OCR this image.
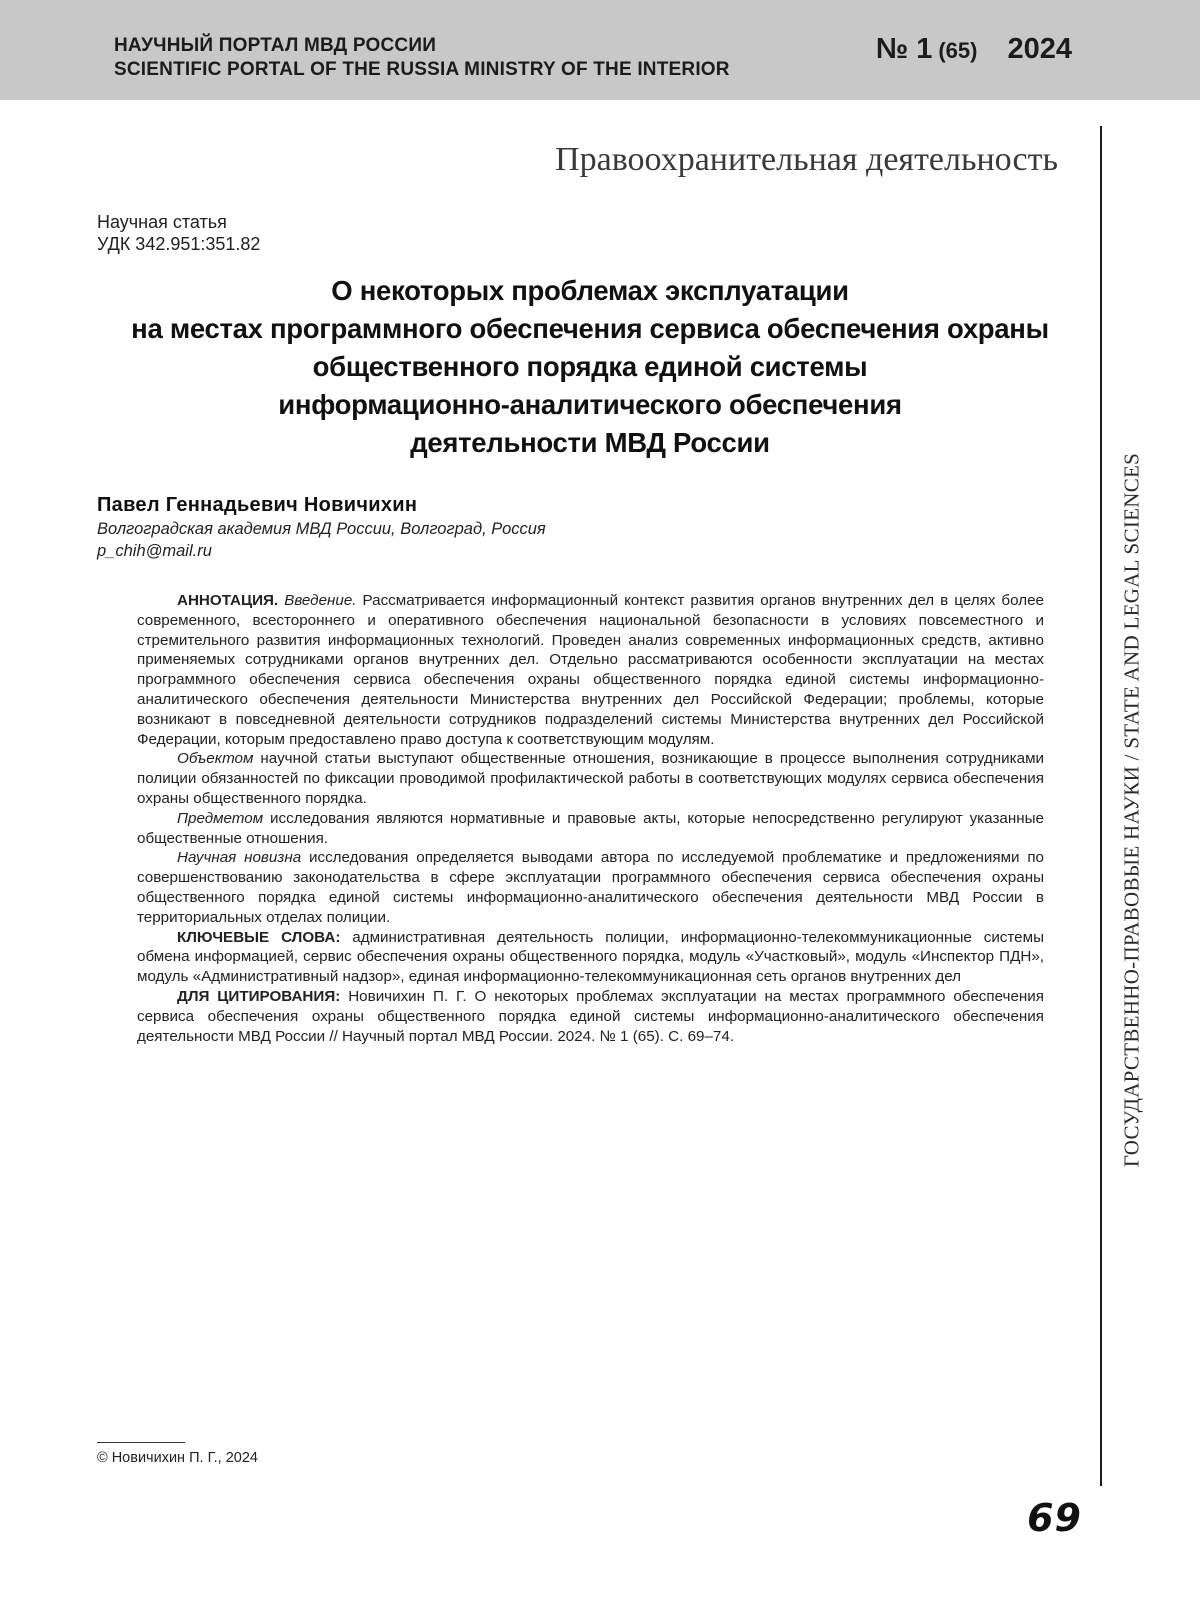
НАУЧНЫЙ ПОРТАЛ МВД РОССИИ
SCIENTIFIC PORTAL OF THE RUSSIA MINISTRY OF THE INTERIOR
№ 1 (65) 2024
Правоохранительная деятельность
ГОСУДАРСТВЕННО-ПРАВОВЫЕ НАУКИ / STATE AND LEGAL SCIENCES
Научная статья
УДК 342.951:351.82
О некоторых проблемах эксплуатации
на местах программного обеспечения сервиса обеспечения охраны
общественного порядка единой системы
информационно-аналитического обеспечения
деятельности МВД России
Павел Геннадьевич Новичихин
Волгоградская академия МВД России, Волгоград, Россия
p_chih@mail.ru

АННОТАЦИЯ. Введение. Рассматривается информационный контекст развития органов внутренних дел в целях более современного, всестороннего и оперативного обеспечения национальной безопасности в условиях повсеместного и стремительного развития информационных технологий. Проведен анализ современных информационных средств, активно применяемых сотрудниками органов внутренних дел. Отдельно рассматриваются особенности эксплуатации на местах программного обеспечения сервиса обеспечения охраны общественного порядка единой системы информационно-аналитического обеспечения деятельности Министерства внутренних дел Российской Федерации; проблемы, которые возникают в повседневной деятельности сотрудников подразделений системы Министерства внутренних дел Российской Федерации, которым предоставлено право доступа к соответствующим модулям.

Объектом научной статьи выступают общественные отношения, возникающие в процессе выполнения сотрудниками полиции обязанностей по фиксации проводимой профилактической работы в соответствующих модулях сервиса обеспечения охраны общественного порядка.

Предметом исследования являются нормативные и правовые акты, которые непосредственно регулируют указанные общественные отношения.

Научная новизна исследования определяется выводами автора по исследуемой проблематике и предложениями по совершенствованию законодательства в сфере эксплуатации программного обеспечения сервиса обеспечения охраны общественного порядка единой системы информационно-аналитического обеспечения деятельности МВД России в территориальных отделах полиции.

КЛЮЧЕВЫЕ СЛОВА: административная деятельность полиции, информационно-телекоммуникационные системы обмена информацией, сервис обеспечения охраны общественного порядка, модуль «Участковый», модуль «Инспектор ПДН», модуль «Административный надзор», единая информационно-телекоммуникационная сеть органов внутренних дел

ДЛЯ ЦИТИРОВАНИЯ: Новичихин П. Г. О некоторых проблемах эксплуатации на местах программного обеспечения сервиса обеспечения охраны общественного порядка единой системы информационно-аналитического обеспечения деятельности МВД России // Научный портал МВД России. 2024. № 1 (65). С. 69–74.

© Новичихин П. Г., 2024
69
